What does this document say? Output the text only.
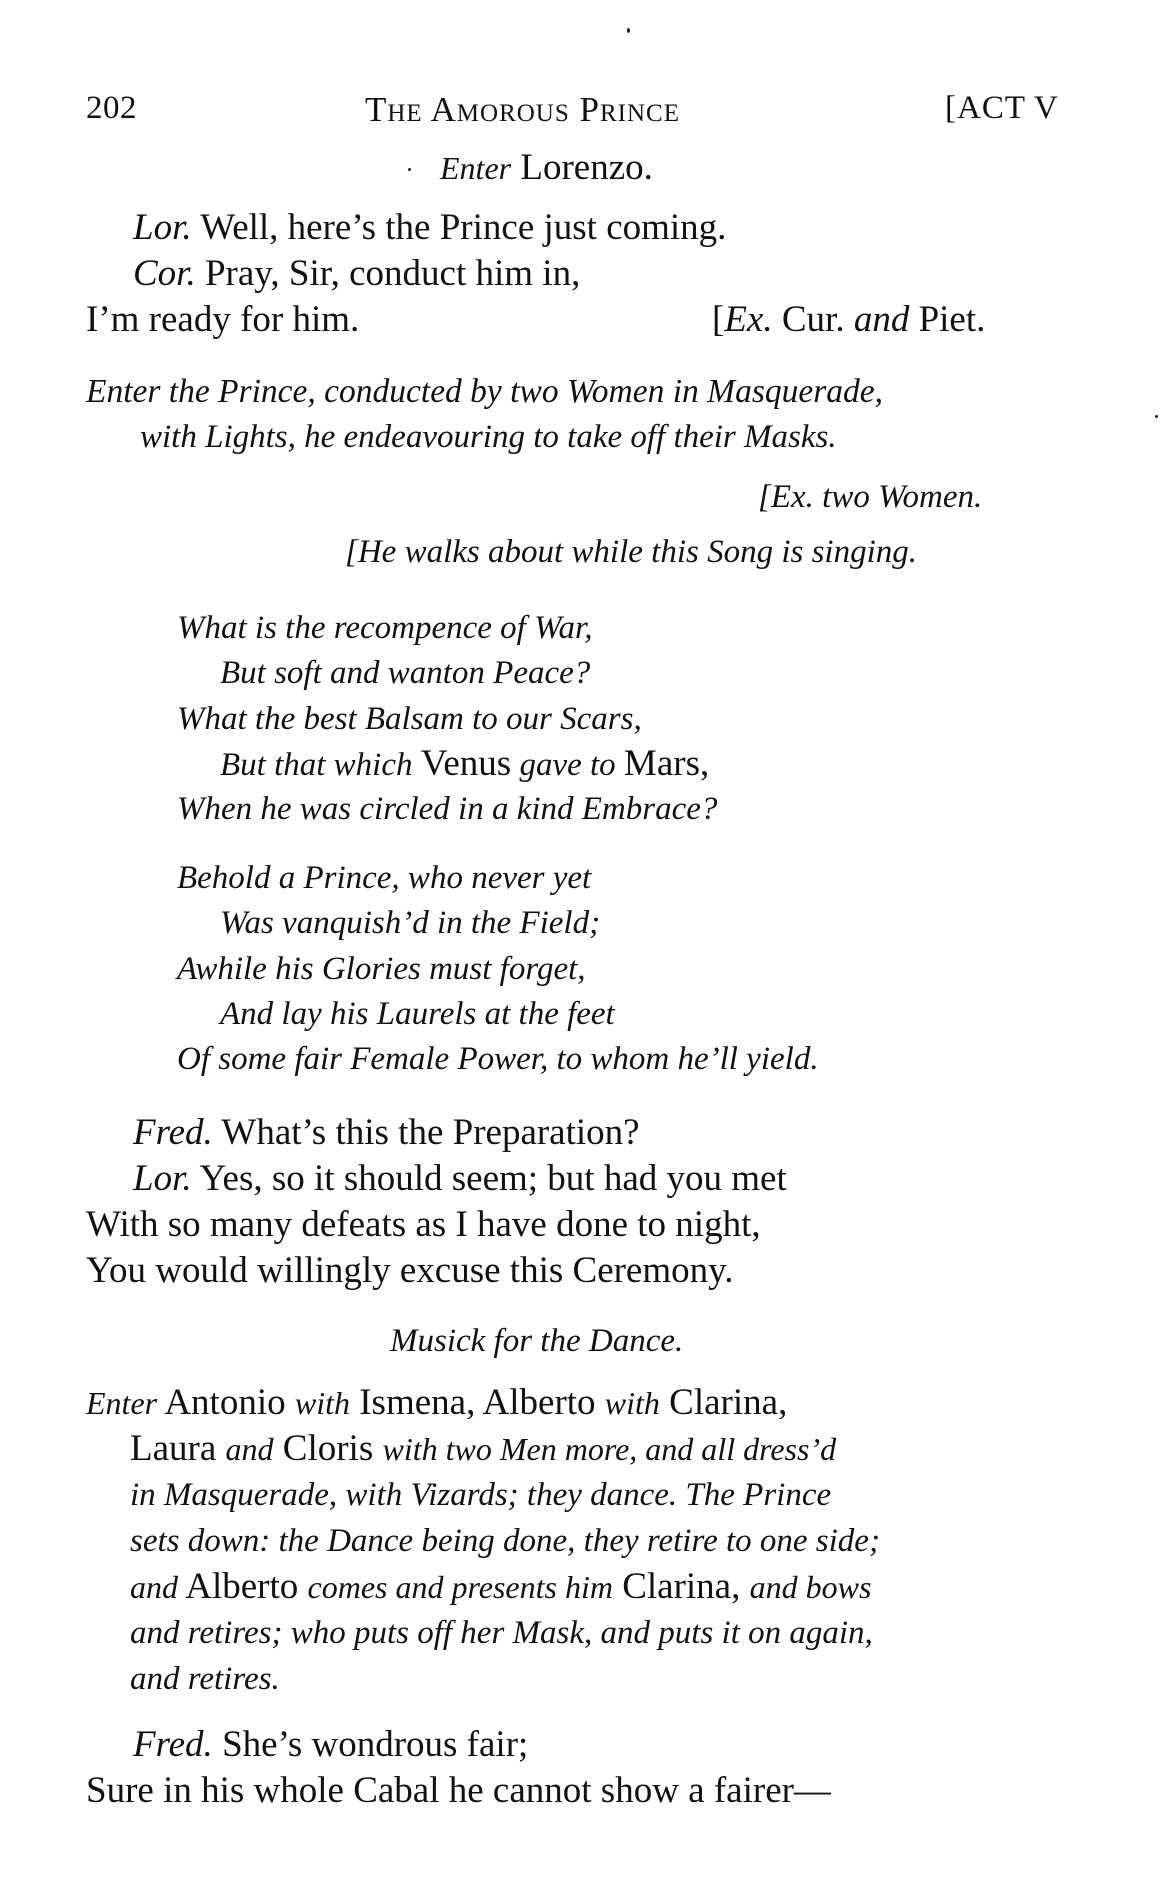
202	The Amorous Prince	[ACT V
Enter Lorenzo.
Lor. Well, here’s the Prince just coming.
Cor. Pray, Sir, conduct him in,
I’m ready for him.	[Ex. Cur. and Piet.
Enter the Prince, conducted by two Women in Masquerade,
with Lights, he endeavouring to take off their Masks.
[Ex. two Women.
[He walks about while this Song is singing.
What is the recompence of War,
But soft and wanton Peace?
What the best Balsam to our Scars,
But that which Venus gave to Mars,
When he was circled in a kind Embrace?
Behold a Prince, who never yet
Was vanquish’d in the Field;
Awhile his Glories must forget,
And lay his Laurels at the feet
Of some fair Female Power, to whom he’ll yield.
Fred. What’s this the Preparation?
Lor. Yes, so it should seem; but had you met
With so many defeats as I have done to night,
You would willingly excuse this Ceremony.
Musick for the Dance.
Enter Antonio with Ismena, Alberto with Clarina,
Laura and Cloris with two Men more, and all dress’d
in Masquerade, with Vizards; they dance. The Prince
sets down: the Dance being done, they retire to one side;
and Alberto comes and presents him Clarina, and bows
and retires; who puts off her Mask, and puts it on again,
and retires.
Fred. She’s wondrous fair;
Sure in his whole Cabal he cannot show a fairer—
